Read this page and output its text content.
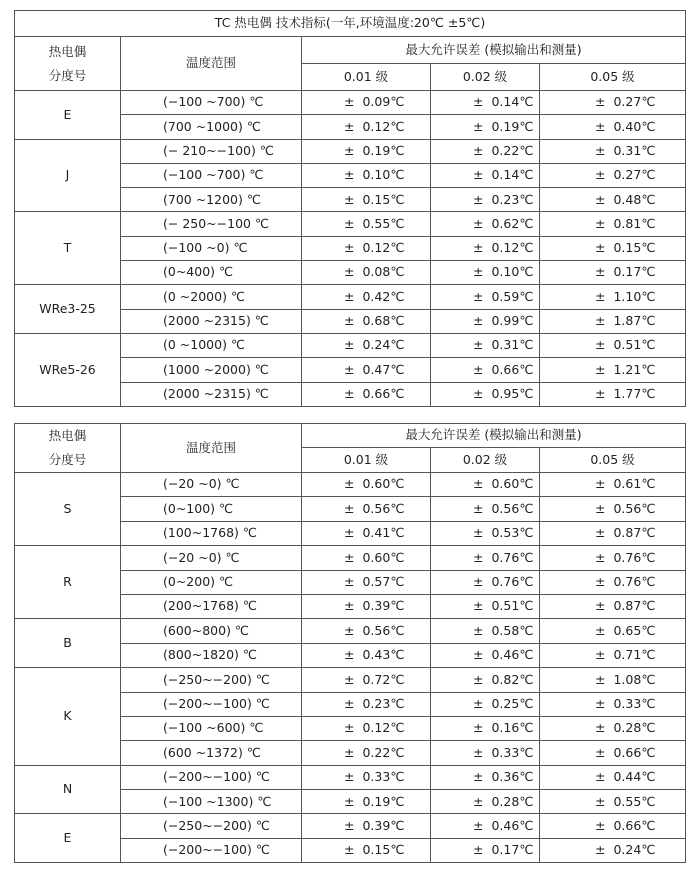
TC 热电偶 技术指标(一年,环境温度:20℃ ±5℃)				

热电偶
分度号	温度范围	最大允许误差 (模拟输出和测量)		
		0.01 级	0.02 级	0.05 级
E	(−100 ~700) ℃	± 0.09℃	± 0.14℃	± 0.27℃
	(700 ~1000) ℃	± 0.12℃	± 0.19℃	± 0.40℃
J	(− 210~−100) ℃	± 0.19℃	± 0.22℃	± 0.31℃
	(−100 ~700) ℃	± 0.10℃	± 0.14℃	± 0.27℃
	(700 ~1200) ℃	± 0.15℃	± 0.23℃	± 0.48℃
T	(− 250~−100 ℃	± 0.55℃	± 0.62℃	± 0.81℃
	(−100 ~0) ℃	± 0.12℃	± 0.12℃	± 0.15℃
	(0~400) ℃	± 0.08℃	± 0.10℃	± 0.17℃
WRe3-25	(0 ~2000) ℃	± 0.42℃	± 0.59℃	± 1.10℃
	(2000 ~2315) ℃	± 0.68℃	± 0.99℃	± 1.87℃
WRe5-26	(0 ~1000) ℃	± 0.24℃	± 0.31℃	± 0.51℃
	(1000 ~2000) ℃	± 0.47℃	± 0.66℃	± 1.21℃
	(2000 ~2315) ℃	± 0.66℃	± 0.95℃	± 1.77℃
热电偶
分度号	温度范围	最大允许误差 (模拟输出和测量)		
		0.01 级	0.02 级	0.05 级
S	(−20 ~0) ℃	± 0.60℃	± 0.60℃	± 0.61℃
	(0~100) ℃	± 0.56℃	± 0.56℃	± 0.56℃
	(100~1768) ℃	± 0.41℃	± 0.53℃	± 0.87℃
R	(−20 ~0) ℃	± 0.60℃	± 0.76℃	± 0.76℃
	(0~200) ℃	± 0.57℃	± 0.76℃	± 0.76℃
	(200~1768) ℃	± 0.39℃	± 0.51℃	± 0.87℃
B	(600~800) ℃	± 0.56℃	± 0.58℃	± 0.65℃
	(800~1820) ℃	± 0.43℃	± 0.46℃	± 0.71℃
K	(−250~−200) ℃	± 0.72℃	± 0.82℃	± 1.08℃
	(−200~−100) ℃	± 0.23℃	± 0.25℃	± 0.33℃
	(−100 ~600) ℃	± 0.12℃	± 0.16℃	± 0.28℃
	(600 ~1372) ℃	± 0.22℃	± 0.33℃	± 0.66℃
N	(−200~−100) ℃	± 0.33℃	± 0.36℃	± 0.44℃
	(−100 ~1300) ℃	± 0.19℃	± 0.28℃	± 0.55℃
E	(−250~−200) ℃	± 0.39℃	± 0.46℃	± 0.66℃
	(−200~−100) ℃	± 0.15℃	± 0.17℃	± 0.24℃
